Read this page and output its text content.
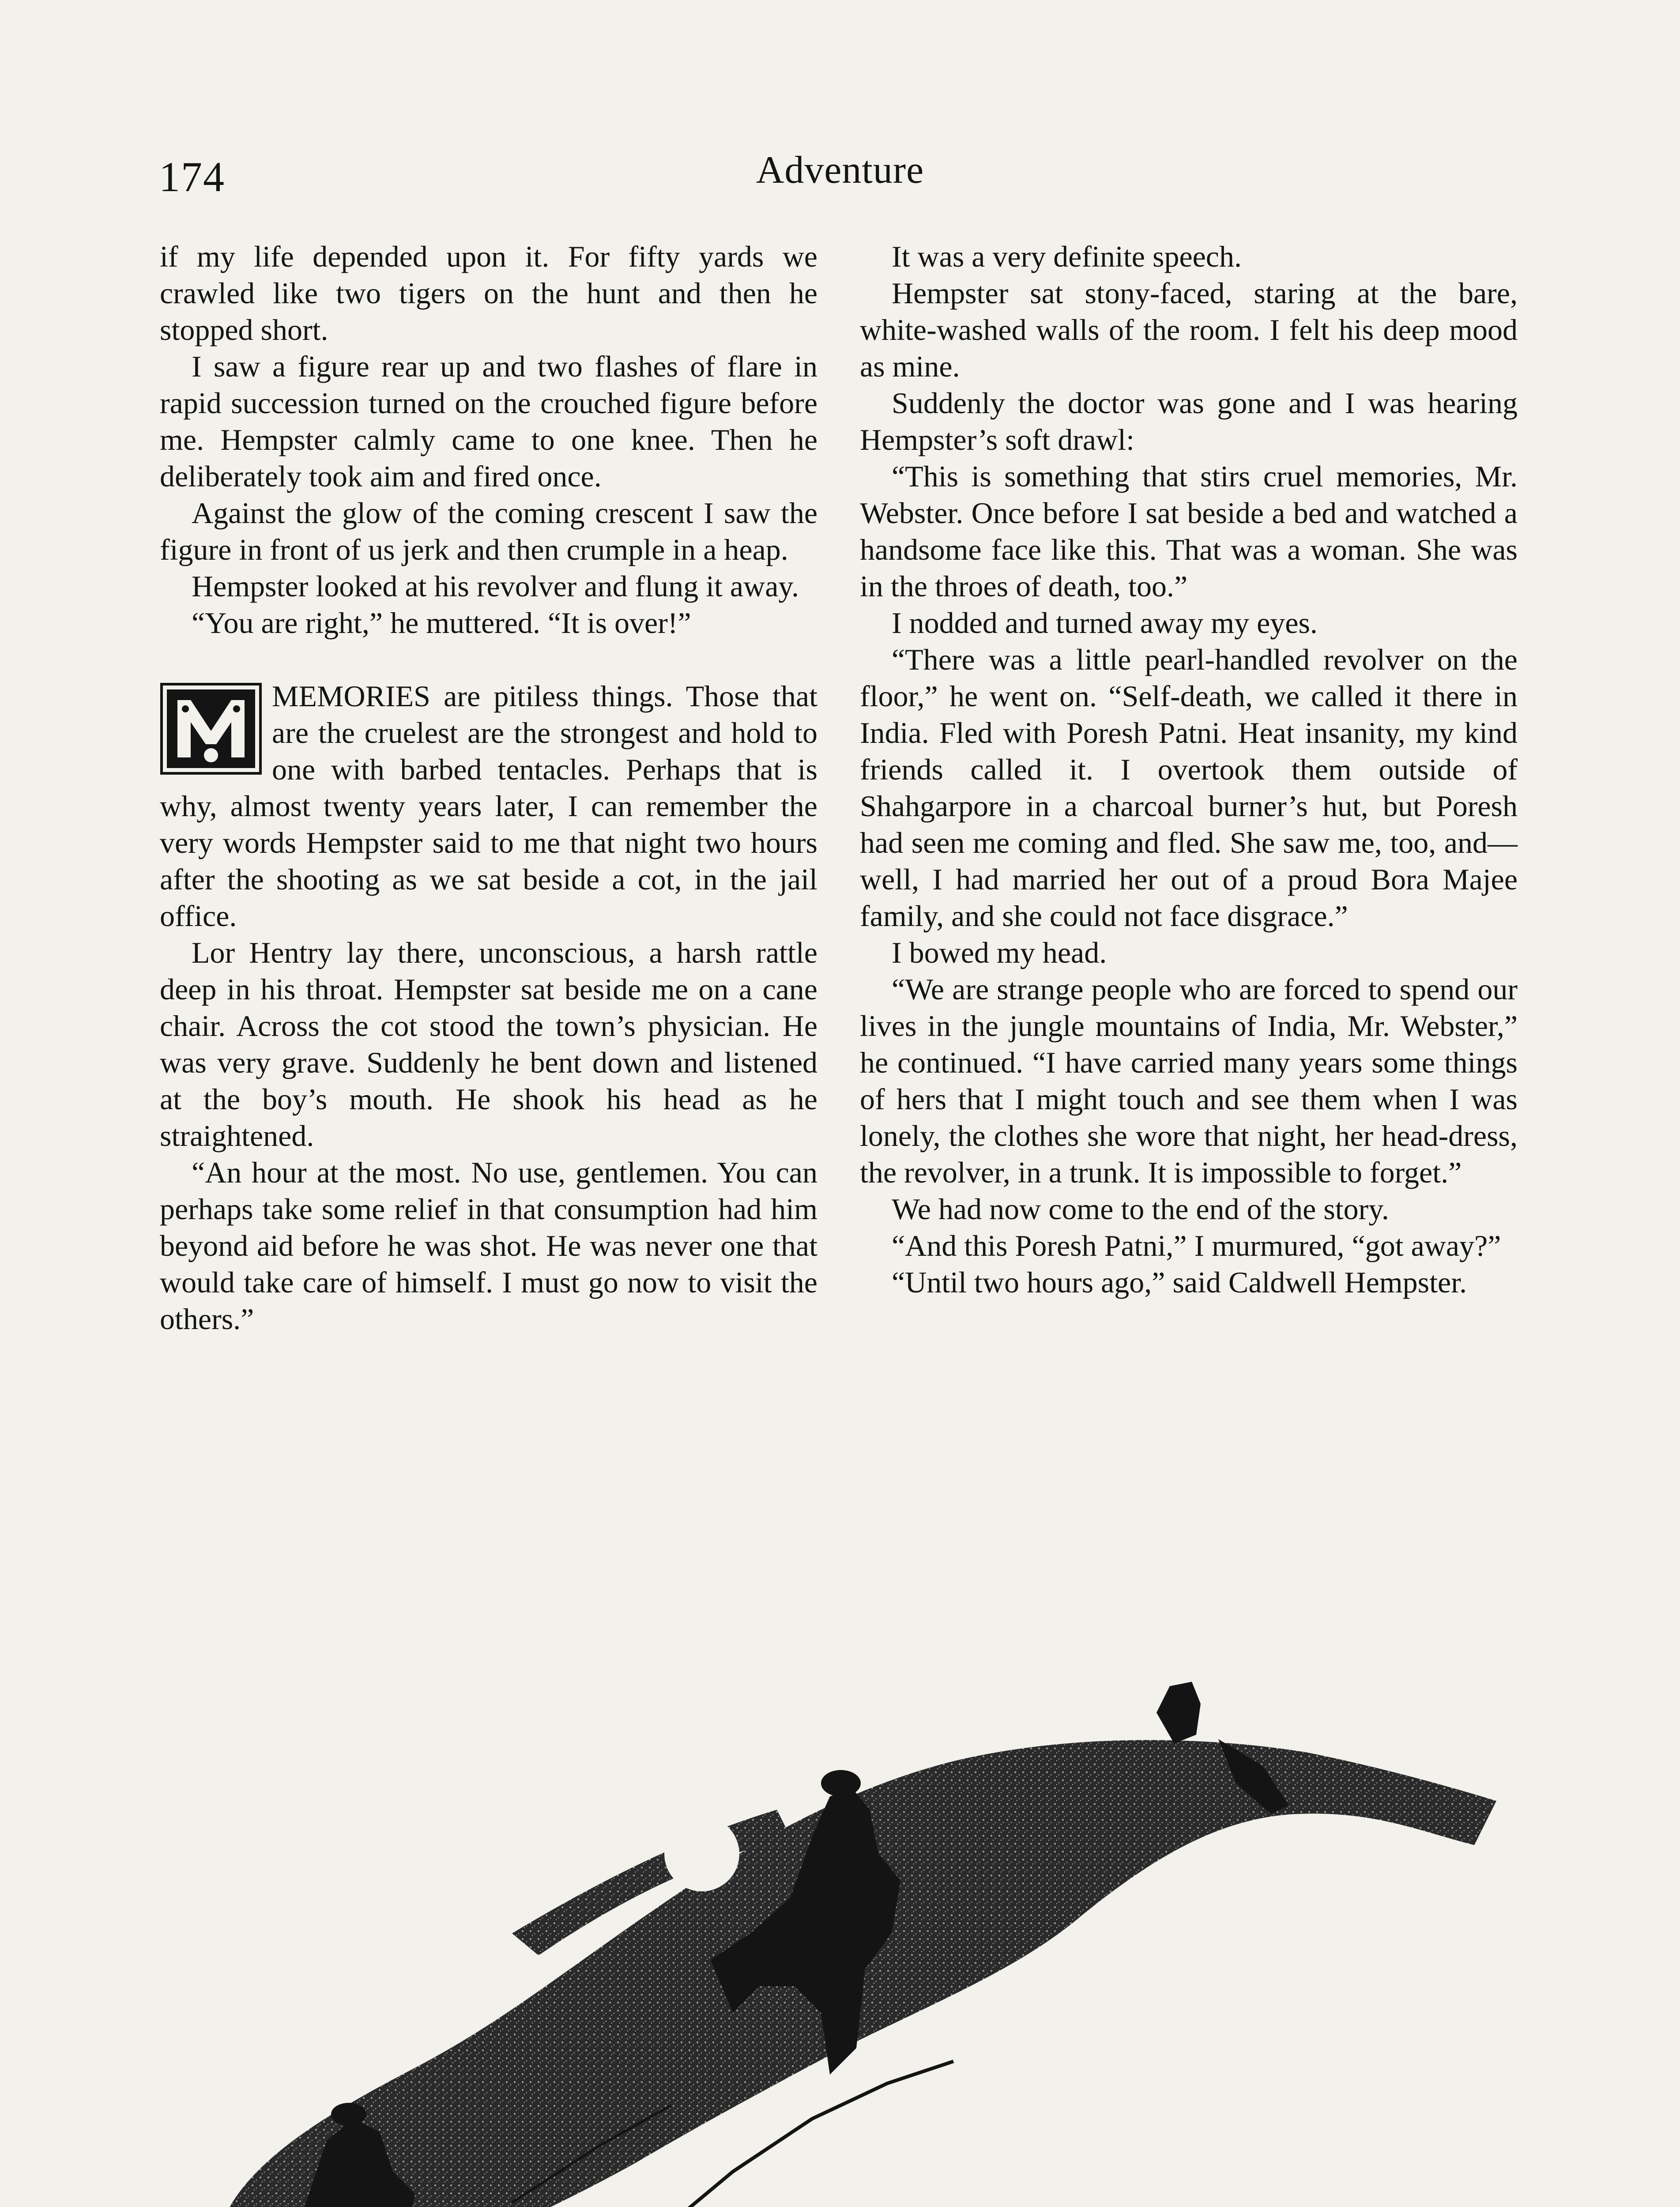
174	Adventure

if my life depended upon it. For fifty yards we crawled like two tigers on the hunt and then he stopped short.

I saw a figure rear up and two flashes of flare in rapid succession turned on the crouched figure before me. Hempster calmly came to one knee. Then he deliberately took aim and fired once.

Against the glow of the coming crescent I saw the figure in front of us jerk and then crumple in a heap.

Hempster looked at his revolver and flung it away.

“You are right,” he muttered. “It is over!”

MEMORIES are pitiless things. Those that are the cruelest are the strongest and hold to one with barbed tentacles. Perhaps that is why, almost twenty years later, I can remember the very words Hempster said to me that night two hours after the shooting as we sat beside a cot, in the jail office.

Lor Hentry lay there, unconscious, a harsh rattle deep in his throat. Hempster sat beside me on a cane chair. Across the cot stood the town’s physician. He was very grave. Suddenly he bent down and listened at the boy’s mouth. He shook his head as he straightened.

“An hour at the most. No use, gentlemen. You can perhaps take some relief in that consumption had him beyond aid before he was shot. He was never one that would take care of himself. I must go now to visit the others.”

It was a very definite speech.

Hempster sat stony-faced, staring at the bare, white-washed walls of the room. I felt his deep mood as mine.

Suddenly the doctor was gone and I was hearing Hempster’s soft drawl:

“This is something that stirs cruel memories, Mr. Webster. Once before I sat beside a bed and watched a handsome face like this. That was a woman. She was in the throes of death, too.”

I nodded and turned away my eyes.

“There was a little pearl-handled revolver on the floor,” he went on. “Self-death, we called it there in India. Fled with Poresh Patni. Heat insanity, my kind friends called it. I overtook them outside of Shahgarpore in a charcoal burner’s hut, but Poresh had seen me coming and fled. She saw me, too, and—well, I had married her out of a proud Bora Majee family, and she could not face disgrace.”

I bowed my head.

“We are strange people who are forced to spend our lives in the jungle mountains of India, Mr. Webster,” he continued. “I have carried many years some things of hers that I might touch and see them when I was lonely, the clothes she wore that night, her head-dress, the revolver, in a trunk. It is impossible to forget.”

We had now come to the end of the story.

“And this Poresh Patni,” I murmured, “got away?”

“Until two hours ago,” said Caldwell Hempster.
